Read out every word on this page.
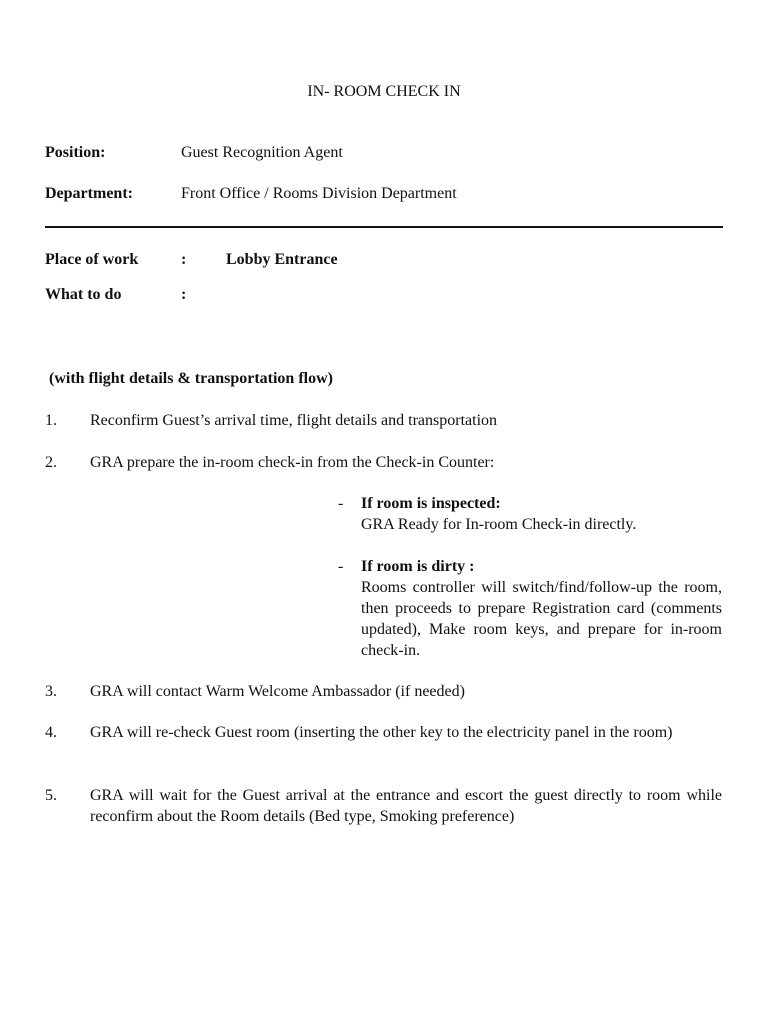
IN- ROOM CHECK IN
Position:	Guest Recognition Agent
Department:	Front Office / Rooms Division Department
Place of work	: Lobby Entrance
What to do	:
(with flight details & transportation flow)
1. Reconfirm Guest’s arrival time, flight details and transportation
2. GRA prepare the in-room check-in from the Check-in Counter:
- If room is inspected:
GRA Ready for In-room Check-in directly.
- If room is dirty :
Rooms controller will switch/find/follow-up the room, then proceeds to prepare Registration card (comments updated), Make room keys, and prepare for in-room check-in.
3. GRA will contact Warm Welcome Ambassador (if needed)
4. GRA will re-check Guest room (inserting the other key to the electricity panel in the room)
5. GRA will wait for the Guest arrival at the entrance and escort the guest directly to room while reconfirm about the Room details (Bed type, Smoking preference)
